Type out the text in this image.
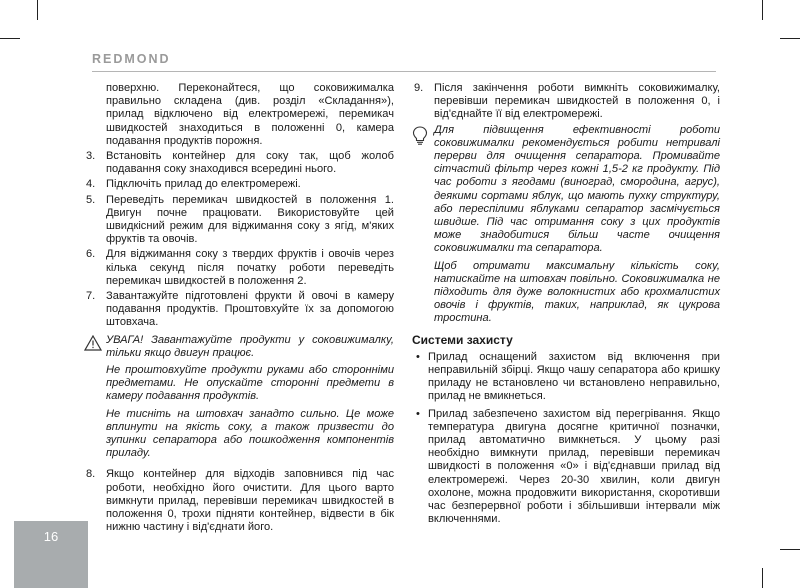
REDMOND
поверхню. Переконайтеся, що соковижималка правильно складена (див. розділ «Складання»), прилад відключено від електромережі, перемикач швидкостей знаходиться в положенні 0, камера подавання продуктів порожня.
3. Встановіть контейнер для соку так, щоб жолоб подавання соку знаходився всередині нього.
4. Підключіть прилад до електромережі.
5. Переведіть перемикач швидкостей в положення 1. Двигун почне працювати. Використовуйте цей швидкісний режим для віджимання соку з ягід, м'яких фруктів та овочів.
6. Для віджимання соку з твердих фруктів і овочів через кілька секунд після початку роботи переведіть перемикач швидкостей в положення 2.
7. Завантажуйте підготовлені фрукти й овочі в камеру подавання продуктів. Проштовхуйте їх за допомогою штовхача.
УВАГА! Завантажуйте продукти у соковижималку, тільки якщо двигун працює.
Не проштовхуйте продукти руками або сторонніми предметами. Не опускайте сторонні предмети в камеру подавання продуктів.
Не тисніть на штовхач занадто сильно. Це може вплинути на якість соку, а також призвести до зупинки сепаратора або пошкодження компонентів приладу.
8. Якщо контейнер для відходів заповнився під час роботи, необхідно його очистити. Для цього варто вимкнути прилад, перевівши перемикач швидкостей в положення 0, трохи підняти контейнер, відвести в бік нижню частину і від'єднати його.
9. Після закінчення роботи вимкніть соковижималку, перевівши перемикач швидкостей в положення 0, і від'єднайте її від електромережі.
Для підвищення ефективності роботи соковижималки рекомендується робити нетривалі перерви для очищення сепаратора. Промивайте сітчастий фільтр через кожні 1,5-2 кг продукту. Під час роботи з ягодами (виноград, смородина, агрус), деякими сортами яблук, що мають пухку структуру, або переспілими яблуками сепаратор засмічується швидше. Під час отримання соку з цих продуктів може знадобитися більш часте очищення соковижималки та сепаратора.
Щоб отримати максимальну кількість соку, натискайте на штовхач повільно. Соковижималка не підходить для дуже волокнистих або крохмалистих овочів і фруктів, таких, наприклад, як цукрова тростина.
Системи захисту
• Прилад оснащений захистом від включення при неправильній збірці. Якщо чашу сепаратора або кришку приладу не встановлено чи встановлено неправильно, прилад не вмикнеться.
• Прилад забезпечено захистом від перегрівання. Якщо температура двигуна досягне критичної позначки, прилад автоматично вимкнеться. У цьому разі необхідно вимкнути прилад, перевівши перемикач швидкості в положення «0» і від'єднавши прилад від електромережі. Через 20-30 хвилин, коли двигун охолоне, можна продовжити використання, скоротивши час безперервної роботи і збільшивши інтервали між включеннями.
16
